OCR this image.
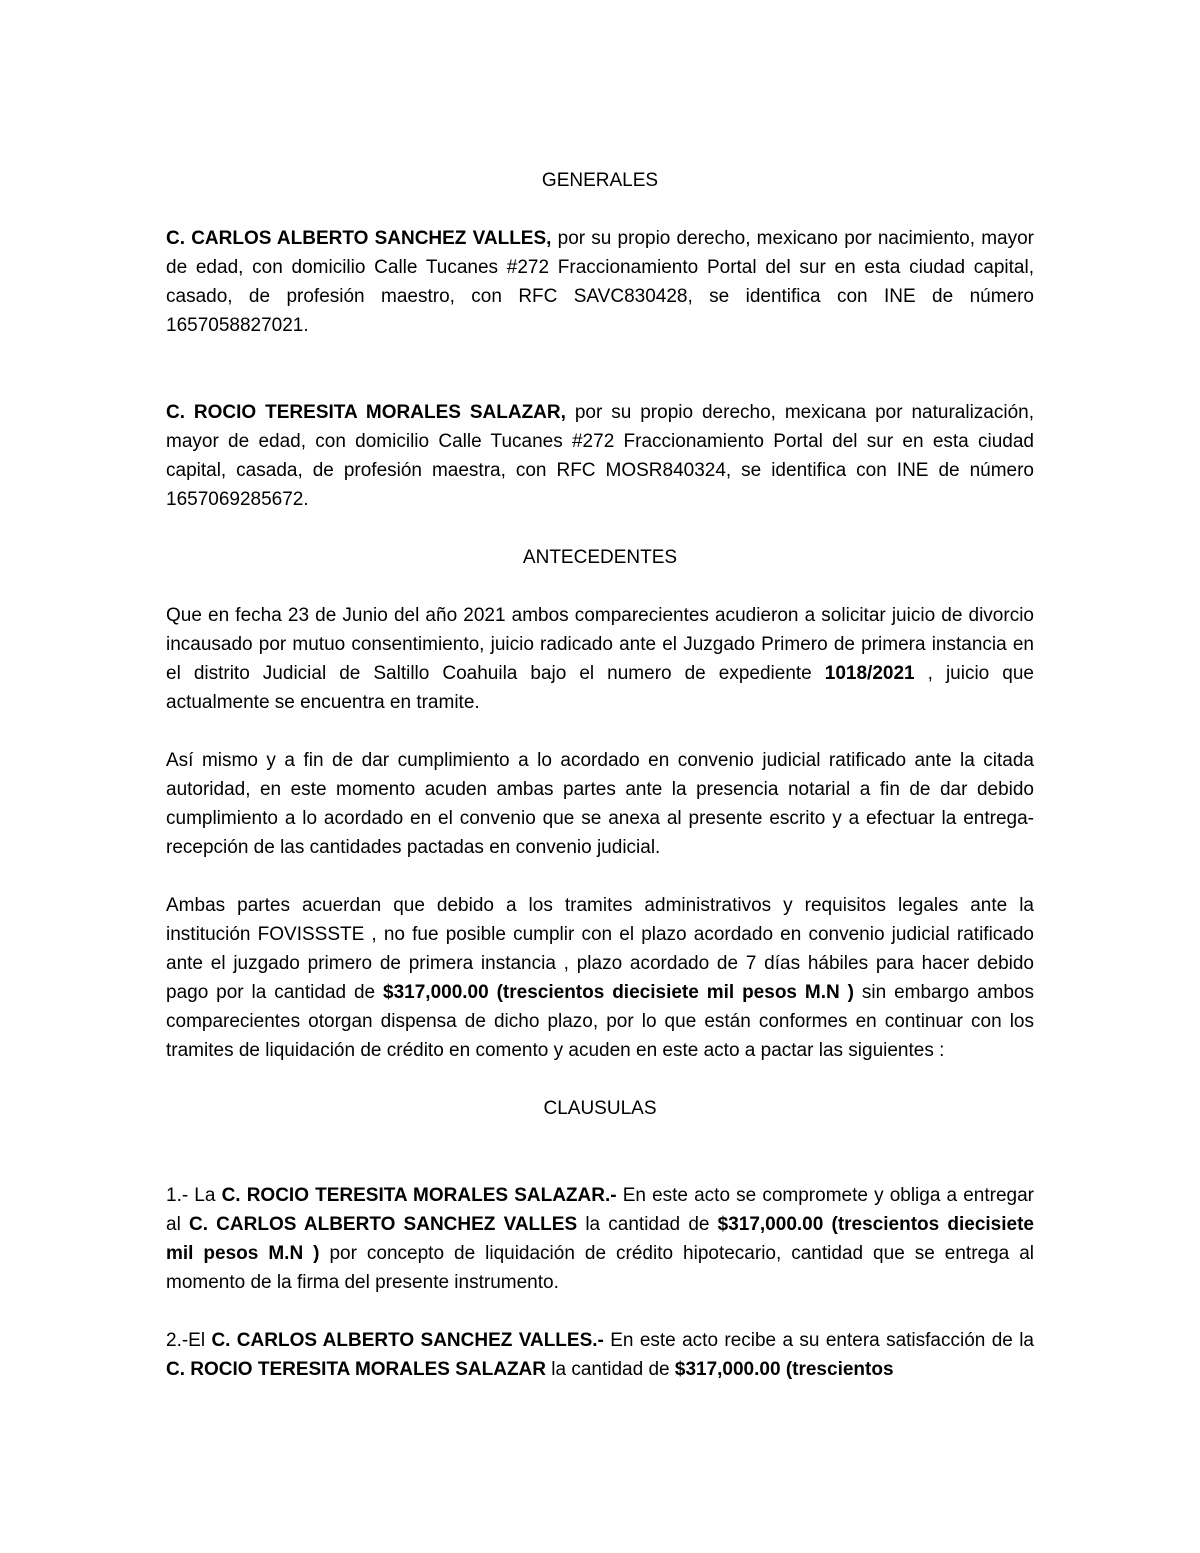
GENERALES

C. CARLOS ALBERTO SANCHEZ VALLES, por su propio derecho, mexicano por nacimiento, mayor de edad, con domicilio Calle Tucanes #272 Fraccionamiento Portal del sur en esta ciudad capital, casado, de profesión maestro, con RFC SAVC830428, se identifica con INE de número 1657058827021.

C. ROCIO TERESITA MORALES SALAZAR, por su propio derecho, mexicana por naturalización, mayor de edad, con domicilio Calle Tucanes #272 Fraccionamiento Portal del sur en esta ciudad capital, casada, de profesión maestra, con RFC MOSR840324, se identifica con INE de número 1657069285672.

ANTECEDENTES

Que en fecha 23 de Junio del año 2021 ambos comparecientes acudieron a solicitar juicio de divorcio incausado por mutuo consentimiento, juicio radicado ante el Juzgado Primero de primera instancia en el distrito Judicial de Saltillo Coahuila bajo el numero de expediente 1018/2021 , juicio que actualmente se encuentra en tramite.

Así mismo y a fin de dar cumplimiento a lo acordado en convenio judicial ratificado ante la citada autoridad, en este momento acuden ambas partes ante la presencia notarial a fin de dar debido cumplimiento a lo acordado en el convenio que se anexa al presente escrito y a efectuar la entrega-recepción de las cantidades pactadas en convenio judicial.

Ambas partes acuerdan que debido a los tramites administrativos y requisitos legales ante la institución FOVISSSTE , no fue posible cumplir con el plazo acordado en convenio judicial ratificado ante el juzgado primero de primera instancia , plazo acordado de 7 días hábiles para hacer debido pago por la cantidad de $317,000.00 (trescientos diecisiete mil pesos M.N ) sin embargo ambos comparecientes otorgan dispensa de dicho plazo, por lo que están conformes en continuar con los tramites de liquidación de crédito en comento y acuden en este acto a pactar las siguientes :

CLAUSULAS

1.- La C. ROCIO TERESITA MORALES SALAZAR.- En este acto se compromete y obliga a entregar al C. CARLOS ALBERTO SANCHEZ VALLES la cantidad de $317,000.00 (trescientos diecisiete mil pesos M.N ) por concepto de liquidación de crédito hipotecario, cantidad que se entrega al momento de la firma del presente instrumento.

2.-El C. CARLOS ALBERTO SANCHEZ VALLES.- En este acto recibe a su entera satisfacción de la C. ROCIO TERESITA MORALES SALAZAR la cantidad de $317,000.00 (trescientos
